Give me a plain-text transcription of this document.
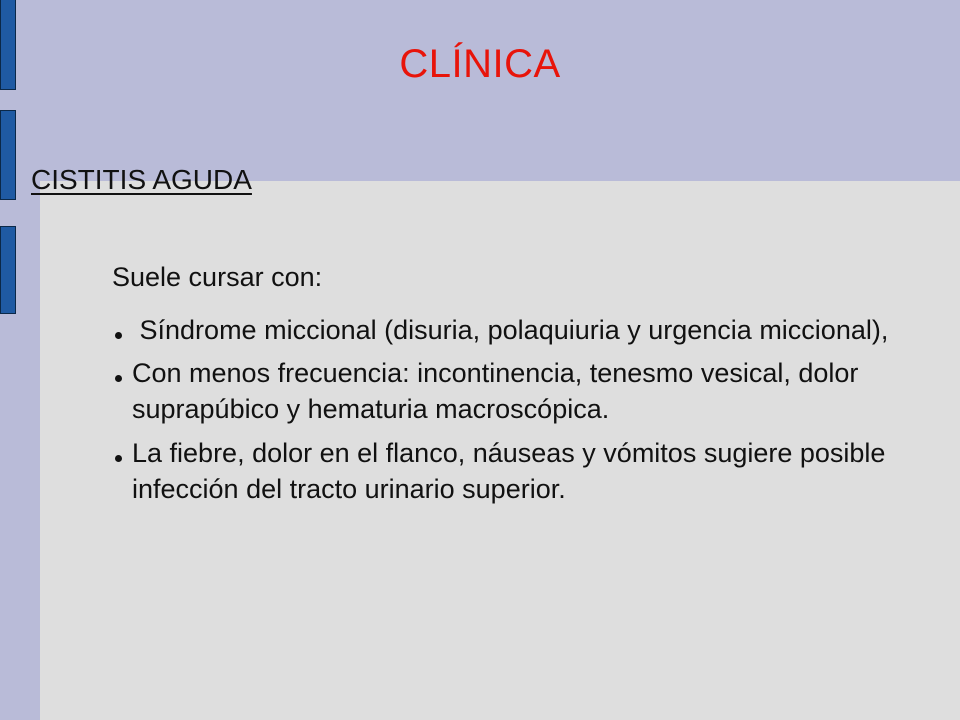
CLÍNICA
CISTITIS AGUDA
Suele cursar con:
Síndrome miccional (disuria, polaquiuria y urgencia miccional),
Con menos frecuencia: incontinencia, tenesmo vesical, dolor suprapúbico y hematuria macroscópica.
La fiebre, dolor en el flanco, náuseas y vómitos sugiere posible infección del tracto urinario superior.
